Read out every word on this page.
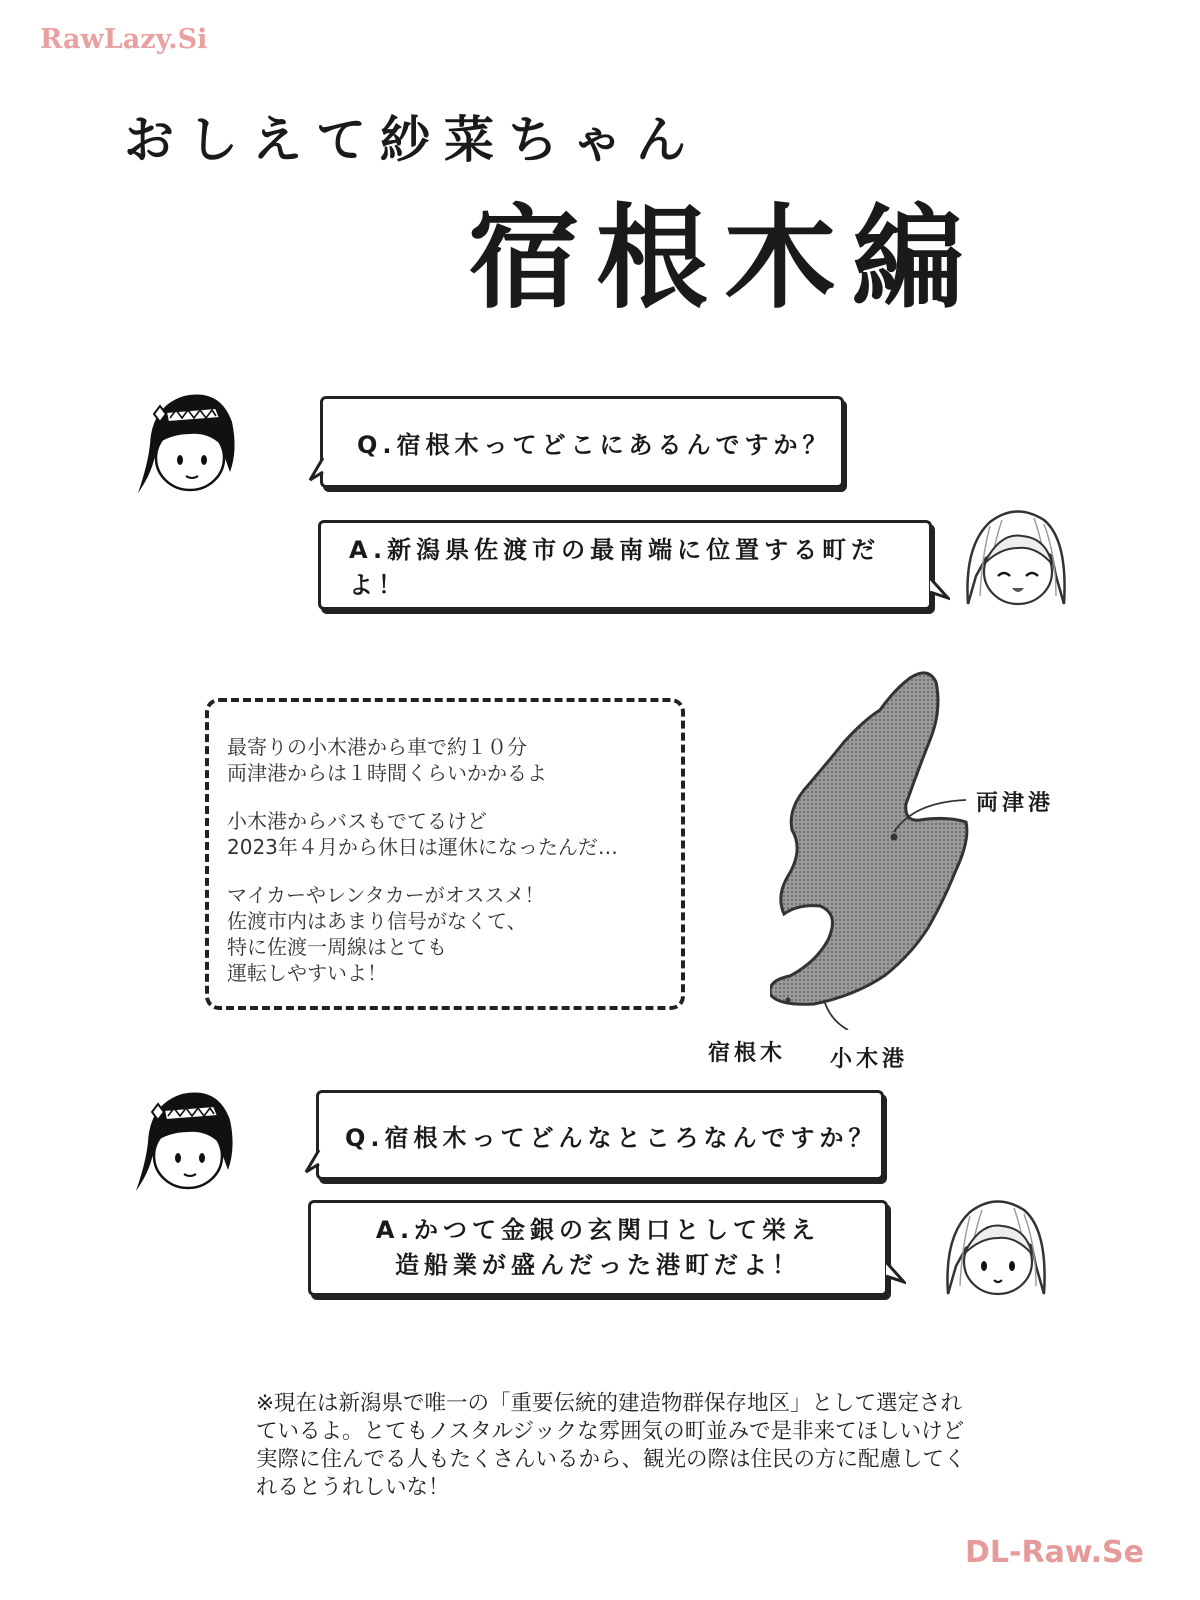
RawLazy.Si
DL-Raw.Se
おしえて紗菜ちゃん
宿根木編
Q.宿根木ってどこにあるんですか？
A.新潟県佐渡市の最南端に位置する町だよ！

最寄りの小木港から車で約１０分
両津港からは１時間くらいかかるよ

小木港からバスもでてるけど
2023年４月から休日は運休になったんだ…

マイカーやレンタカーがオススメ！
佐渡市内はあまり信号がなくて、
特に佐渡一周線はとても
運転しやすいよ！

両津港
宿根木 小木港
Q.宿根木ってどんなところなんですか？
A.かつて金銀の玄関口として栄え
造船業が盛んだった港町だよ！
※現在は新潟県で唯一の「重要伝統的建造物群保存地区」として選定されているよ。とてもノスタルジックな雰囲気の町並みで是非来てほしいけど実際に住んでる人もたくさんいるから、観光の際は住民の方に配慮してくれるとうれしいな！
